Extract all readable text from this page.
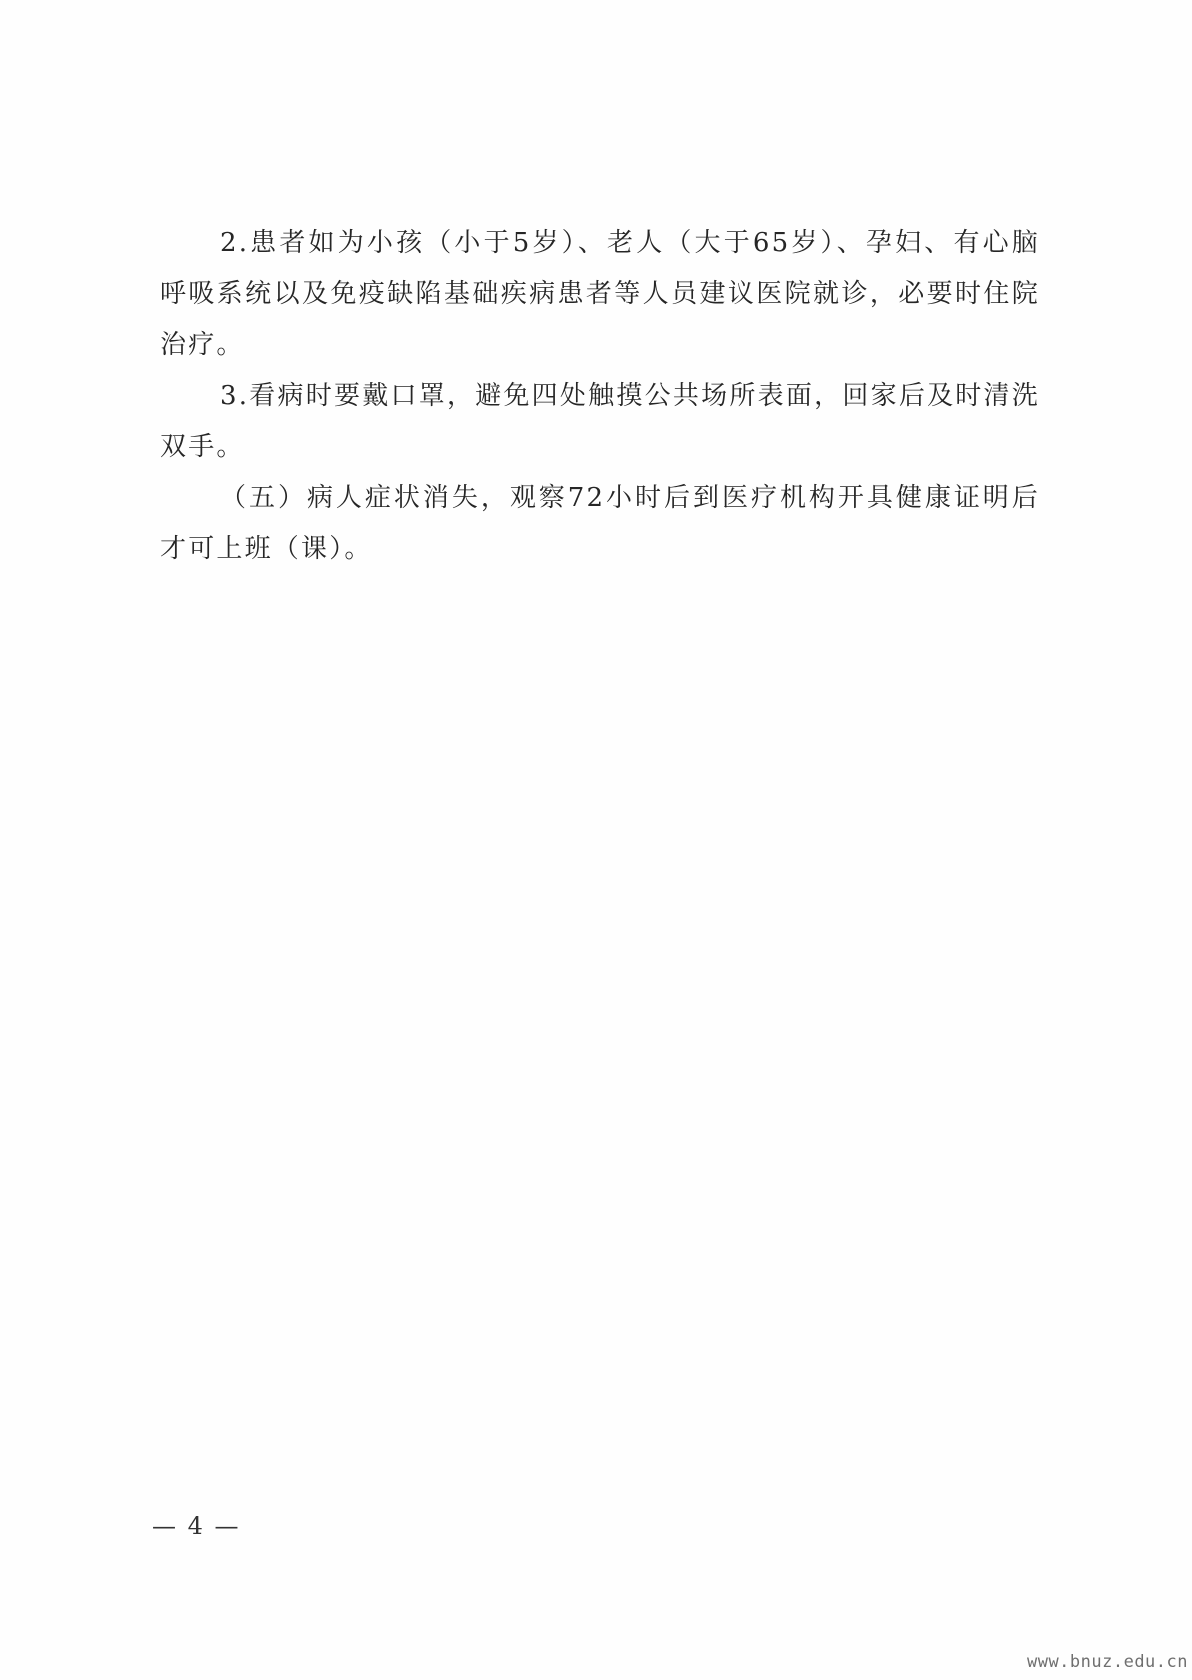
2.患者如为小孩（小于5岁）、老人（大于65岁）、孕妇、有心脑呼吸系统以及免疫缺陷基础疾病患者等人员建议医院就诊，必要时住院治疗。

3.看病时要戴口罩，避免四处触摸公共场所表面，回家后及时清洗双手。

（五）病人症状消失，观察72小时后到医疗机构开具健康证明后才可上班（课）。

— 4 —
www.bnuz.edu.cn
